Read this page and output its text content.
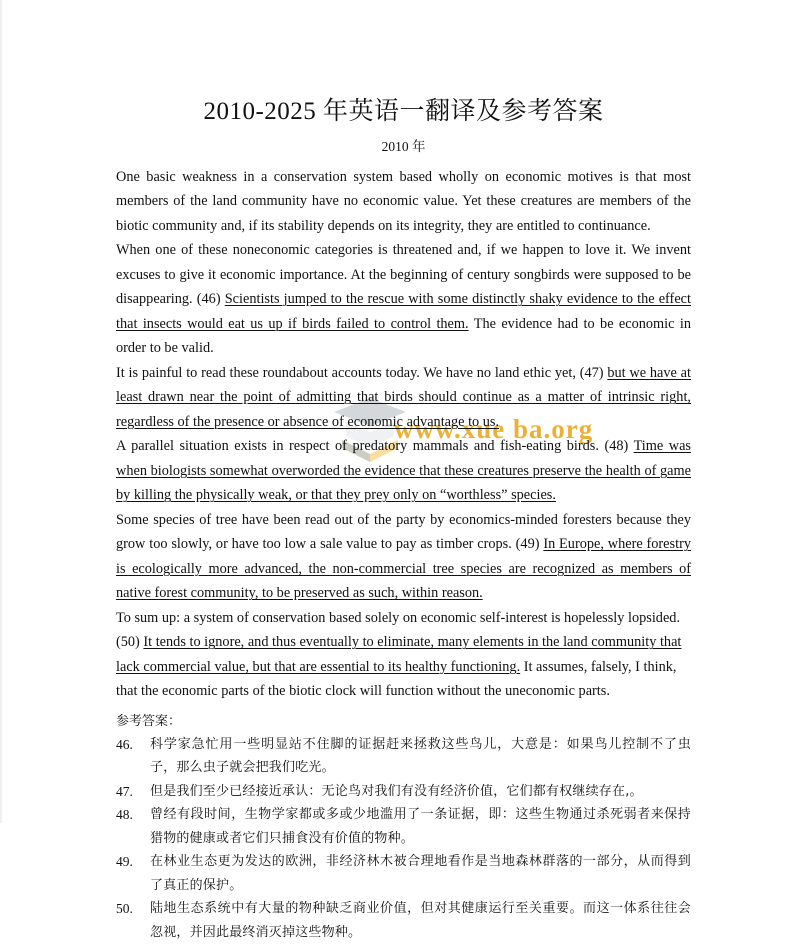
www.xue ba.org
2010-2025 年英语一翻译及参考答案
2010 年
One basic weakness in a conservation system based wholly on economic motives is that most members of the land community have no economic value. Yet these creatures are members of the biotic community and, if its stability depends on its integrity, they are entitled to continuance.
When one of these noneconomic categories is threatened and, if we happen to love it. We invent excuses to give it economic importance. At the beginning of century songbirds were supposed to be disappearing. (46) Scientists jumped to the rescue with some distinctly shaky evidence to the effect that insects would eat us up if birds failed to control them. The evidence had to be economic in order to be valid.
It is painful to read these roundabout accounts today. We have no land ethic yet, (47) but we have at least drawn near the point of admitting that birds should continue as a matter of intrinsic right, regardless of the presence or absence of economic advantage to us.
A parallel situation exists in respect of predatory mammals and fish-eating birds. (48) Time was when biologists somewhat overworded the evidence that these creatures preserve the health of game by killing the physically weak, or that they prey only on “worthless” species.
Some species of tree have been read out of the party by economics-minded foresters because they grow too slowly, or have too low a sale value to pay as timber crops. (49) In Europe, where forestry is ecologically more advanced, the non-commercial tree species are recognized as members of native forest community, to be preserved as such, within reason.
To sum up: a system of conservation based solely on economic self-interest is hopelessly lopsided. (50) It tends to ignore, and thus eventually to eliminate, many elements in the land community that lack commercial value, but that are essential to its healthy functioning. It assumes, falsely, I think, that the economic parts of the biotic clock will function without the uneconomic parts.
参考答案：
46.	科学家急忙用一些明显站不住脚的证据赶来拯救这些鸟儿，大意是：如果鸟儿控制不了虫子，那么虫子就会把我们吃光。
47.	但是我们至少已经接近承认：无论鸟对我们有没有经济价值，它们都有权继续存在,。
48.	曾经有段时间，生物学家都或多或少地滥用了一条证据，即：这些生物通过杀死弱者来保持猎物的健康或者它们只捕食没有价值的物种。
49.	在林业生态更为发达的欧洲，非经济林木被合理地看作是当地森林群落的一部分，从而得到了真正的保护。
50.	陆地生态系统中有大量的物种缺乏商业价值，但对其健康运行至关重要。而这一体系往往会忽视，并因此最终消灭掉这些物种。
